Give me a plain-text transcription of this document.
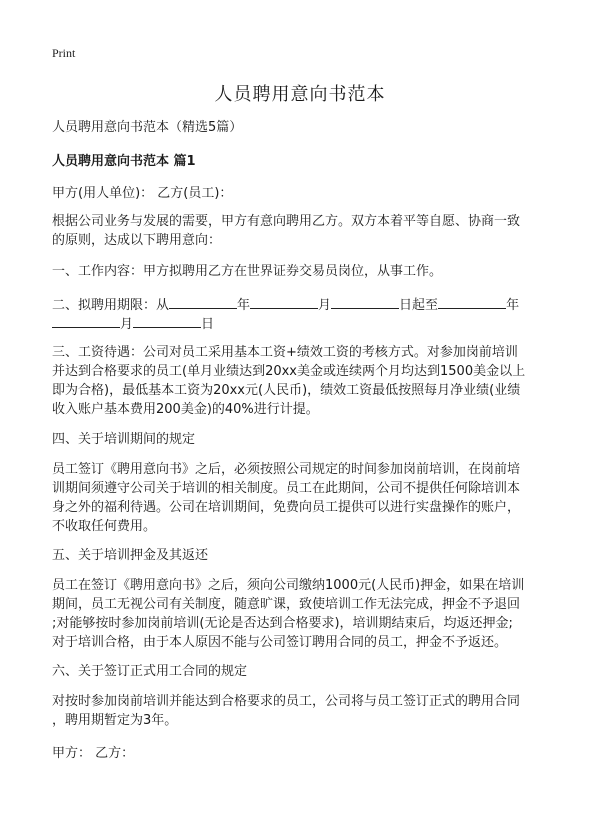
Print
人员聘用意向书范本

人员聘用意向书范本（精选5篇）

人员聘用意向书范本 篇1

甲方(用人单位)： 乙方(员工)：

根据公司业务与发展的需要，甲方有意向聘用乙方。双方本着平等自愿、协商一致

的原则，达成以下聘用意向：

一、工作内容：甲方拟聘用乙方在世界证券交易员岗位，从事工作。

二、拟聘用期限：从	年	月	日起至	年

月	日

三、工资待遇：公司对员工采用基本工资+绩效工资的考核方式。对参加岗前培训

并达到合格要求的员工(单月业绩达到20xx美金或连续两个月均达到1500美金以上

即为合格)，最低基本工资为20xx元(人民币)，绩效工资最低按照每月净业绩(业绩

收入账户基本费用200美金)的40%进行计提。

四、关于培训期间的规定

员工签订《聘用意向书》之后，必须按照公司规定的时间参加岗前培训，在岗前培

训期间须遵守公司关于培训的相关制度。员工在此期间，公司不提供任何除培训本

身之外的福利待遇。公司在培训期间，免费向员工提供可以进行实盘操作的账户，

不收取任何费用。

五、关于培训押金及其返还

员工在签订《聘用意向书》之后，须向公司缴纳1000元(人民币)押金，如果在培训

期间，员工无视公司有关制度，随意旷课，致使培训工作无法完成，押金不予退回

;对能够按时参加岗前培训(无论是否达到合格要求)，培训期结束后，均返还押金;

对于培训合格，由于本人原因不能与公司签订聘用合同的员工，押金不予返还。

六、关于签订正式用工合同的规定

对按时参加岗前培训并能达到合格要求的员工，公司将与员工签订正式的聘用合同

，聘用期暂定为3年。

甲方： 乙方：
